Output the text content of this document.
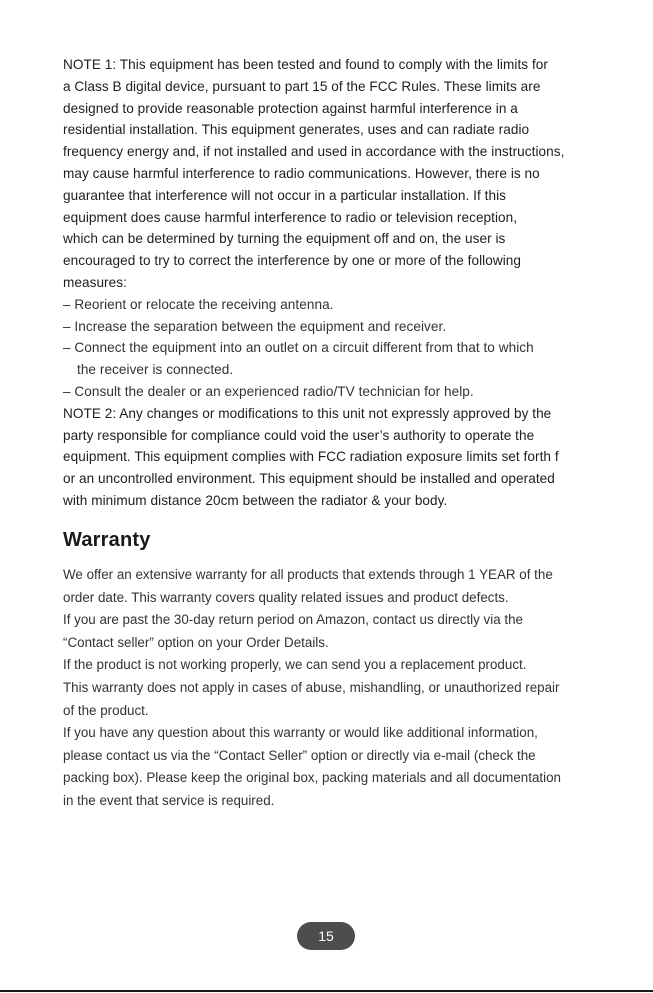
NOTE 1: This equipment has been tested and found to comply with the limits for
a Class B digital device, pursuant to part 15 of the FCC Rules. These limits are
designed to provide reasonable protection against harmful interference in a
residential installation. This equipment generates, uses and can radiate radio
frequency energy and, if not installed and used in accordance with the instructions,
may cause harmful interference to radio communications. However, there is no
guarantee that interference will not occur in a particular installation. If this
equipment does cause harmful interference to radio or television reception,
which can be determined by turning the equipment off and on, the user is
encouraged to try to correct the interference by one or more of the following
measures:
– Reorient or relocate the receiving antenna.
– Increase the separation between the equipment and receiver.
– Connect the equipment into an outlet on a circuit different from that to which
the receiver is connected.
– Consult the dealer or an experienced radio/TV technician for help.
NOTE 2: Any changes or modifications to this unit not expressly approved by the
party responsible for compliance could void the user’s authority to operate the
equipment. This equipment complies with FCC radiation exposure limits set forth f
or an uncontrolled environment. This equipment should be installed and operated
with minimum distance 20cm between the radiator & your body.
Warranty
We offer an extensive warranty for all products that extends through 1 YEAR of the
order date. This warranty covers quality related issues and product defects.
If you are past the 30-day return period on Amazon, contact us directly via the
“Contact seller” option on your Order Details.
If the product is not working properly, we can send you a replacement product.
This warranty does not apply in cases of abuse, mishandling, or unauthorized repair
of the product.
If you have any question about this warranty or would like additional information,
please contact us via the “Contact Seller” option or directly via e-mail (check the
packing box). Please keep the original box, packing materials and all documentation
in the event that service is required.
15
